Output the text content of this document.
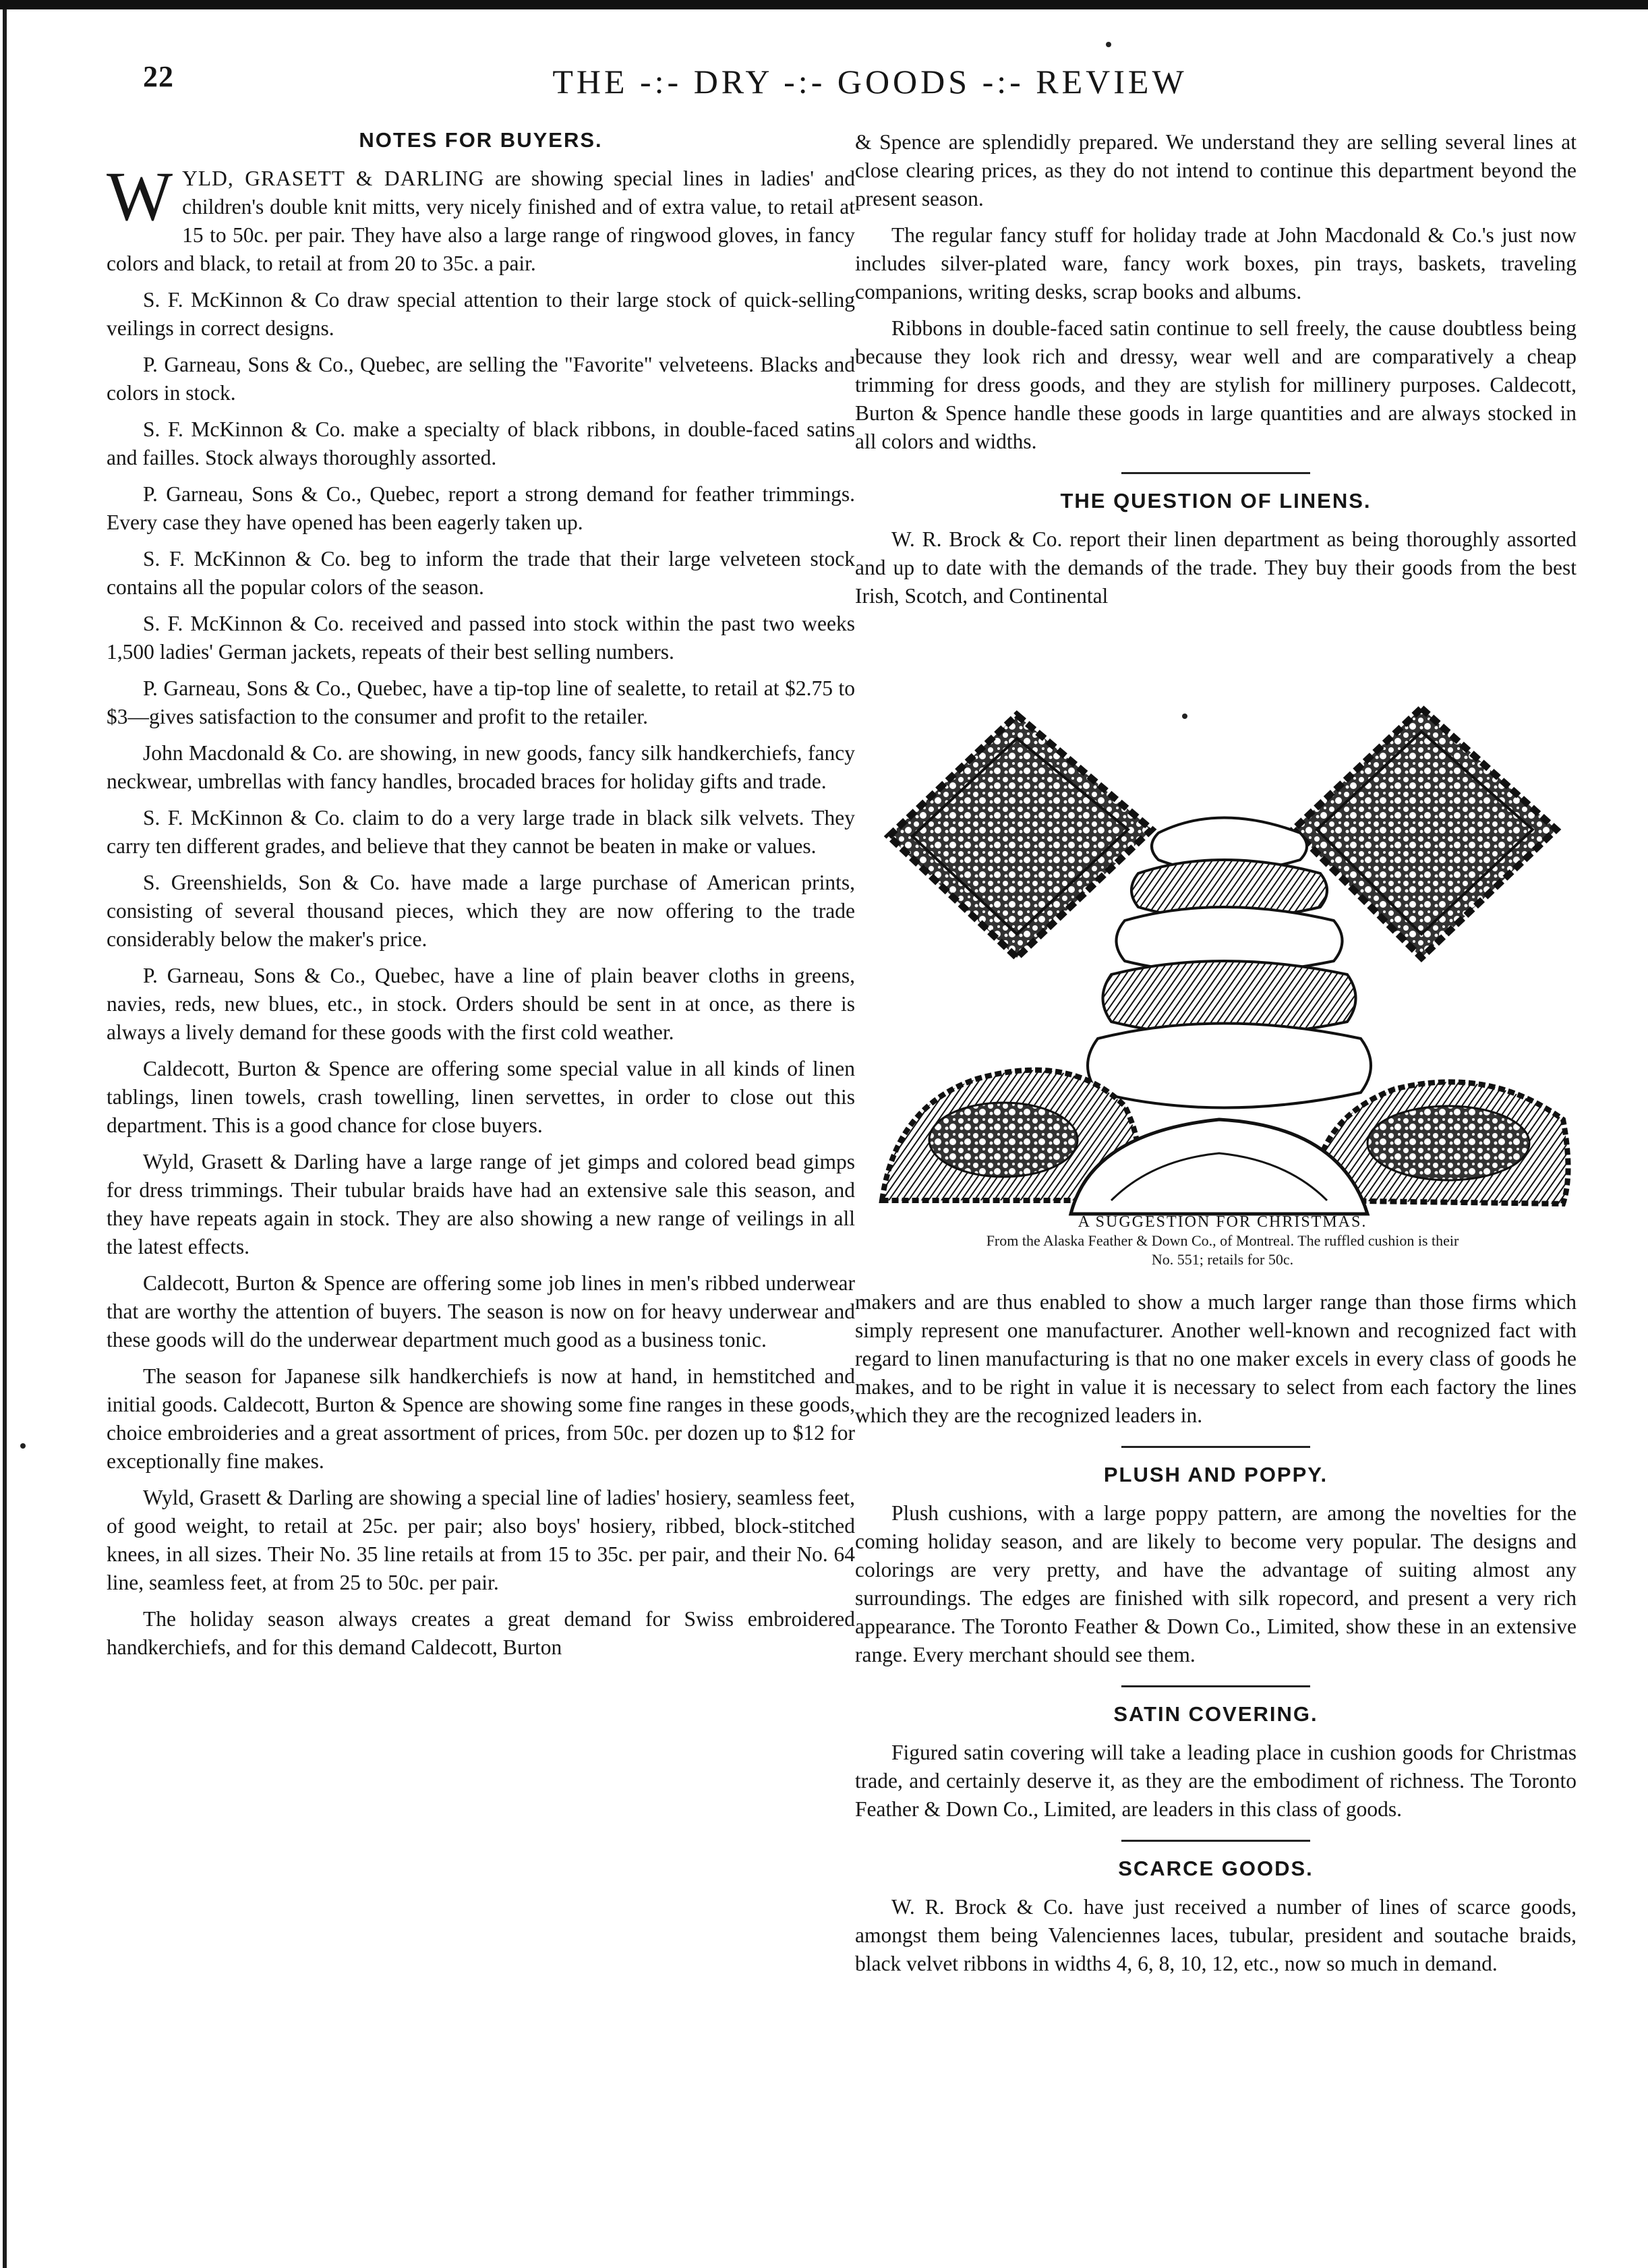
22	THE -:- DRY -:- GOODS -:- REVIEW
NOTES FOR BUYERS.

WYLD, GRASETT & DARLING are showing special lines in ladies' and children's double knit mitts, very nicely finished and of extra value, to retail at 15 to 50c. per pair. They have also a large range of ringwood gloves, in fancy colors and black, to retail at from 20 to 35c. a pair.

S. F. McKinnon & Co draw special attention to their large stock of quick-selling veilings in correct designs.

P. Garneau, Sons & Co., Quebec, are selling the "Favorite" velveteens. Blacks and colors in stock.

S. F. McKinnon & Co. make a specialty of black ribbons, in double-faced satins and failles. Stock always thoroughly assorted.

P. Garneau, Sons & Co., Quebec, report a strong demand for feather trimmings. Every case they have opened has been eagerly taken up.

S. F. McKinnon & Co. beg to inform the trade that their large velveteen stock contains all the popular colors of the season.

S. F. McKinnon & Co. received and passed into stock within the past two weeks 1,500 ladies' German jackets, repeats of their best selling numbers.

P. Garneau, Sons & Co., Quebec, have a tip-top line of sealette, to retail at $2.75 to $3—gives satisfaction to the consumer and profit to the retailer.

John Macdonald & Co. are showing, in new goods, fancy silk handkerchiefs, fancy neckwear, umbrellas with fancy handles, brocaded braces for holiday gifts and trade.

S. F. McKinnon & Co. claim to do a very large trade in black silk velvets. They carry ten different grades, and believe that they cannot be beaten in make or values.

S. Greenshields, Son & Co. have made a large purchase of American prints, consisting of several thousand pieces, which they are now offering to the trade considerably below the maker's price.

P. Garneau, Sons & Co., Quebec, have a line of plain beaver cloths in greens, navies, reds, new blues, etc., in stock. Orders should be sent in at once, as there is always a lively demand for these goods with the first cold weather.

Caldecott, Burton & Spence are offering some special value in all kinds of linen tablings, linen towels, crash towelling, linen servettes, in order to close out this department. This is a good chance for close buyers.

Wyld, Grasett & Darling have a large range of jet gimps and colored bead gimps for dress trimmings. Their tubular braids have had an extensive sale this season, and they have repeats again in stock. They are also showing a new range of veilings in all the latest effects.

Caldecott, Burton & Spence are offering some job lines in men's ribbed underwear that are worthy the attention of buyers. The season is now on for heavy underwear and these goods will do the underwear department much good as a business tonic.

The season for Japanese silk handkerchiefs is now at hand, in hemstitched and initial goods. Caldecott, Burton & Spence are showing some fine ranges in these goods, choice embroideries and a great assortment of prices, from 50c. per dozen up to $12 for exceptionally fine makes.

Wyld, Grasett & Darling are showing a special line of ladies' hosiery, seamless feet, of good weight, to retail at 25c. per pair; also boys' hosiery, ribbed, block-stitched knees, in all sizes. Their No. 35 line retails at from 15 to 35c. per pair, and their No. 64 line, seamless feet, at from 25 to 50c. per pair.

The holiday season always creates a great demand for Swiss embroidered handkerchiefs, and for this demand Caldecott, Burton

& Spence are splendidly prepared. We understand they are selling several lines at close clearing prices, as they do not intend to continue this department beyond the present season.

The regular fancy stuff for holiday trade at John Macdonald & Co.'s just now includes silver-plated ware, fancy work boxes, pin trays, baskets, traveling companions, writing desks, scrap books and albums.

Ribbons in double-faced satin continue to sell freely, the cause doubtless being because they look rich and dressy, wear well and are comparatively a cheap trimming for dress goods, and they are stylish for millinery purposes. Caldecott, Burton & Spence handle these goods in large quantities and are always stocked in all colors and widths.

THE QUESTION OF LINENS.

W. R. Brock & Co. report their linen department as being thoroughly assorted and up to date with the demands of the trade. They buy their goods from the best Irish, Scotch, and Continental

A SUGGESTION FOR CHRISTMAS.
From the Alaska Feather & Down Co., of Montreal. The ruffled cushion is their
No. 551; retails for 50c.

makers and are thus enabled to show a much larger range than those firms which simply represent one manufacturer. Another well-known and recognized fact with regard to linen manufacturing is that no one maker excels in every class of goods he makes, and to be right in value it is necessary to select from each factory the lines which they are the recognized leaders in.

PLUSH AND POPPY.

Plush cushions, with a large poppy pattern, are among the novelties for the coming holiday season, and are likely to become very popular. The designs and colorings are very pretty, and have the advantage of suiting almost any surroundings. The edges are finished with silk ropecord, and present a very rich appearance. The Toronto Feather & Down Co., Limited, show these in an extensive range. Every merchant should see them.

SATIN COVERING.

Figured satin covering will take a leading place in cushion goods for Christmas trade, and certainly deserve it, as they are the embodiment of richness. The Toronto Feather & Down Co., Limited, are leaders in this class of goods.

SCARCE GOODS.

W. R. Brock & Co. have just received a number of lines of scarce goods, amongst them being Valenciennes laces, tubular, president and soutache braids, black velvet ribbons in widths 4, 6, 8, 10, 12, etc., now so much in demand.
